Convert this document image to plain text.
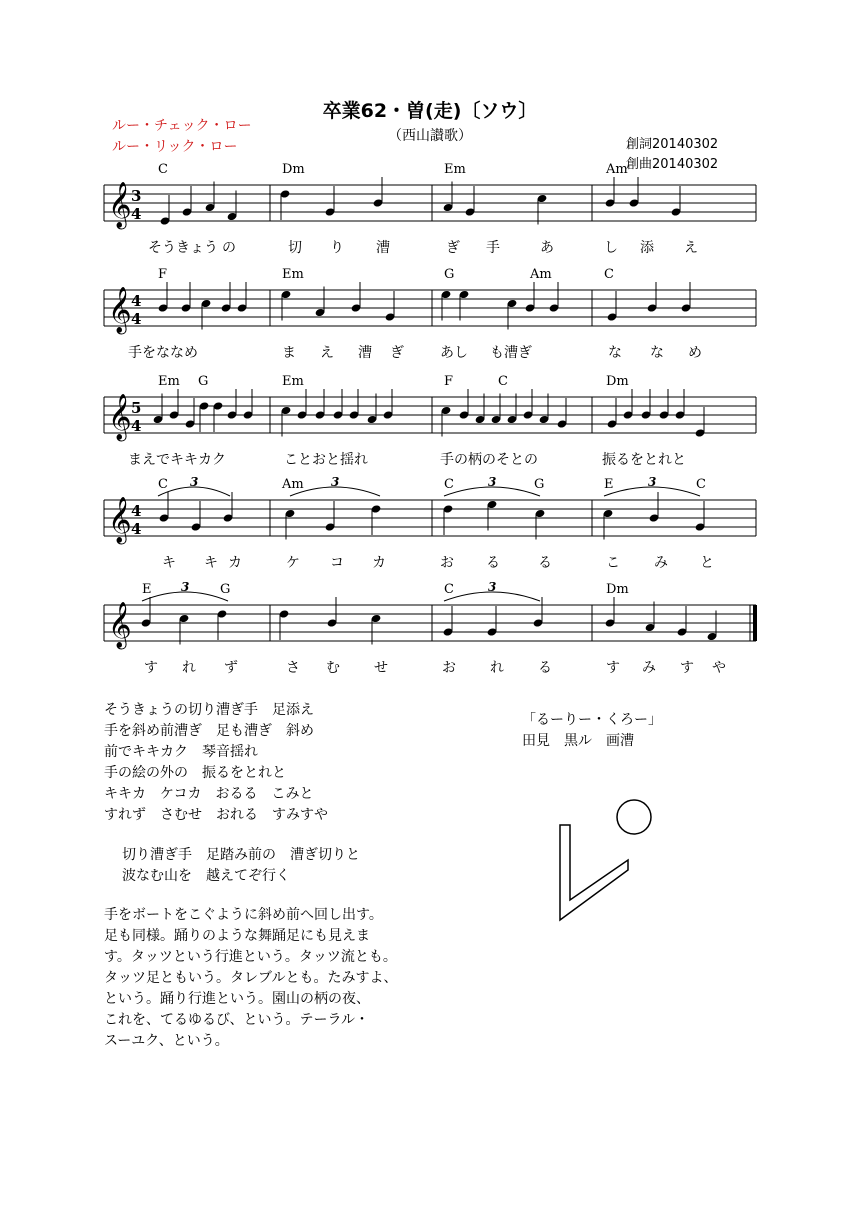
卒業62・曽(走)〔ソウ〕
（西山讃歌）
ルー・チェック・ロー
ルー・リック・ロー	創詞20140302
創曲20140302
𝄞 3
4
C	Dm	Em	Am
そう きょう の	切 り 漕	ぎ 手	あ	し 添 え
𝄞 4
4
F	Em	G	Am	C
手をななめ	ま え 漕 ぎ	あし も漕ぎ	な な め
𝄞 5
4
Em G	Em	F	C	Dm
まえでキキカク	ことおと揺れ	手の柄のそとの	振るをとれと
𝄞 4
4
C	Am	C	G	E	C
3	3	3	3
キ キ カ	ケ コ カ	お る	る	こ み と
𝄞
E	G	C	Dm
3	3
す れ ず	さ む せ	お れ る	す み す や
そうきょうの切り漕ぎ手　足添え
手を斜め前漕ぎ　足も漕ぎ　斜め
前でキキカク　琴音揺れ
手の絵の外の　振るをとれと
キキカ　ケコカ　おるる　こみと
すれず　さむせ　おれる　すみすや
切り漕ぎ手　足踏み前の　漕ぎ切りと
波なむ山を　越えてぞ行く
手をボートをこぐように斜め前へ回し出す。
足も同様。踊りのような舞踊足にも見えま
す。タッツという行進という。タッツ流とも。
タッツ足ともいう。タレブルとも。たみすよ、
という。踊り行進という。園山の柄の夜、
これを、てるゆるび、という。テーラル・
スーユク、という。
「るーりー・くろー」
田見　黒ル　画漕
